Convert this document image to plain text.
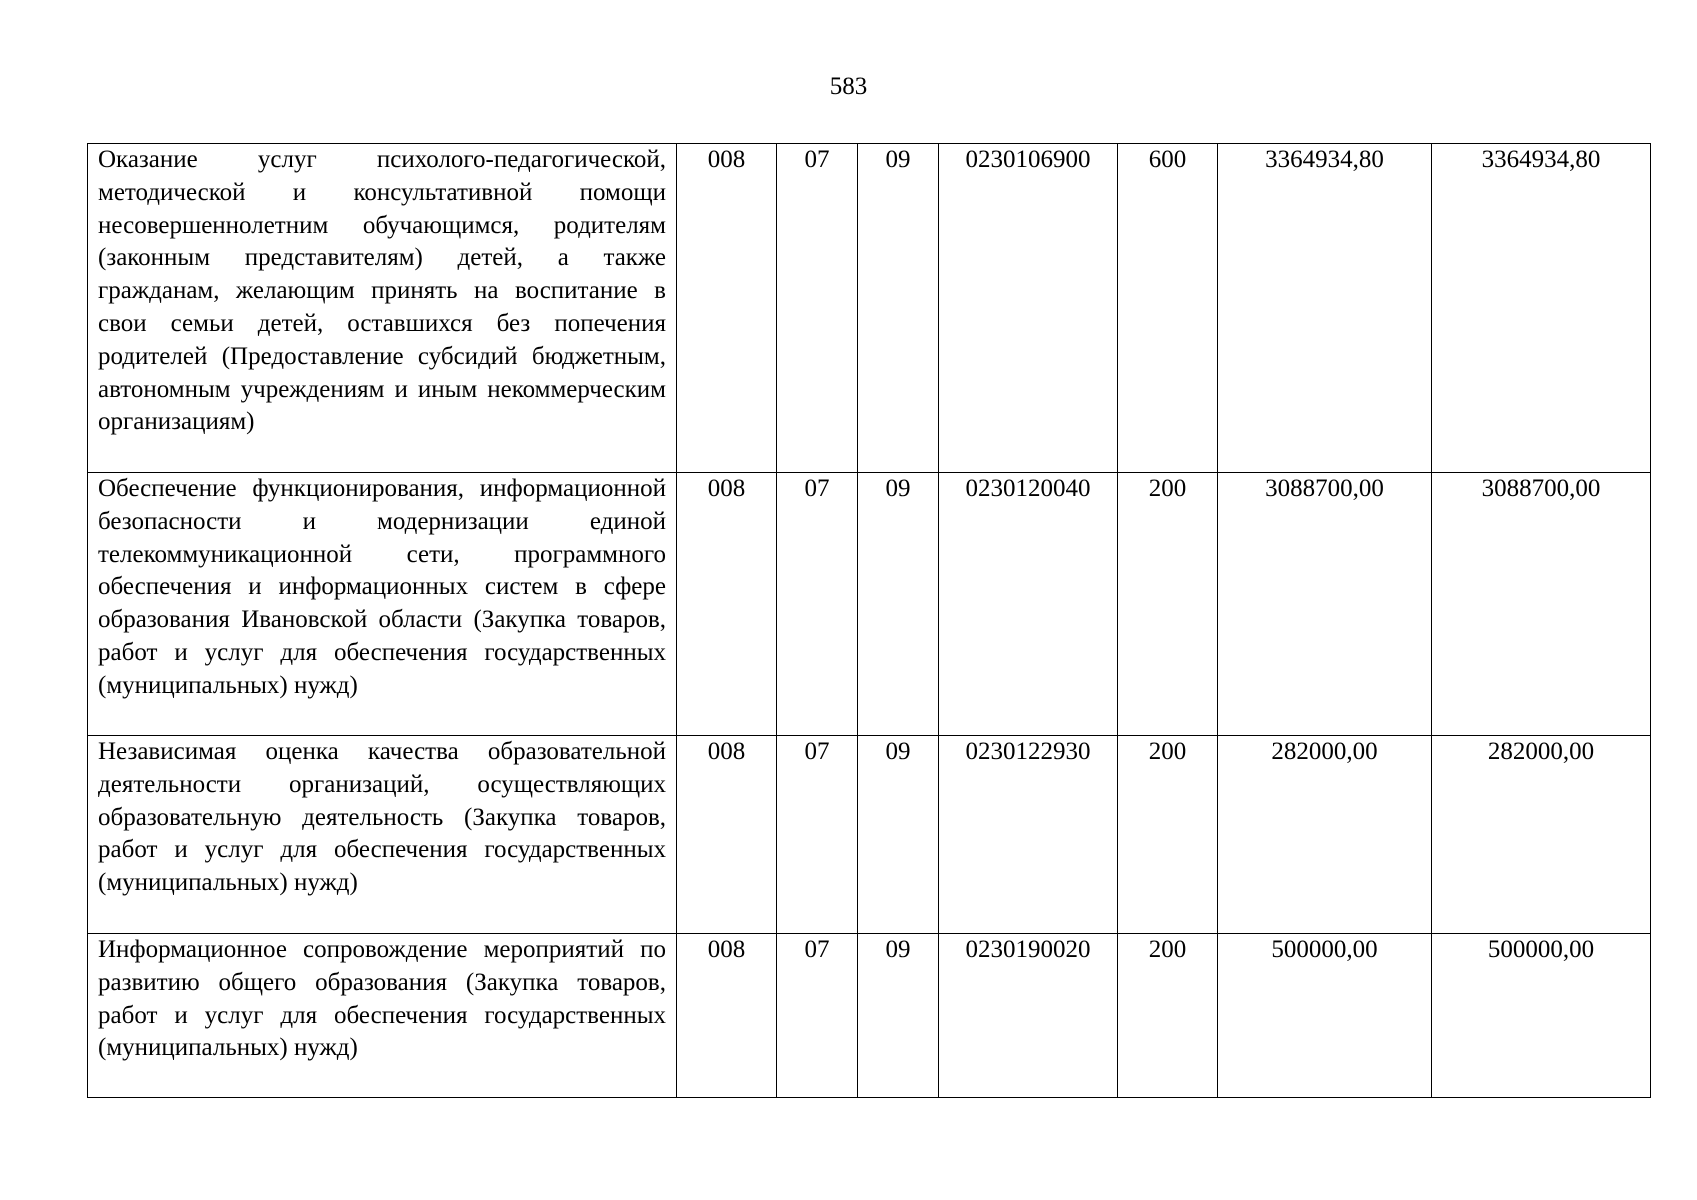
583
Оказание услуг психолого-педагогической, методической и консультативной помощи несовершеннолетним обучающимся, родителям (законным представителям) детей, а также гражданам, желающим принять на воспитание в свои семьи детей, оставшихся без попечения родителей (Предоставление субсидий бюджетным, автономным учреждениям и иным некоммерческим организациям)	008	07	09	0230106900	600	3364934,80	3364934,80

Обеспечение функционирования, информационной безопасности и модернизации единой телекоммуникационной сети, программного обеспечения и информационных систем в сфере образования Ивановской области (Закупка товаров, работ и услуг для обеспечения государственных (муниципальных) нужд)	008	07	09	0230120040	200	3088700,00	3088700,00

Независимая оценка качества образовательной деятельности организаций, осуществляющих образовательную деятельность (Закупка товаров, работ и услуг для обеспечения государственных (муниципальных) нужд)	008	07	09	0230122930	200	282000,00	282000,00

Информационное сопровождение мероприятий по развитию общего образования (Закупка товаров, работ и услуг для обеспечения государственных (муниципальных) нужд)	008	07	09	0230190020	200	500000,00	500000,00
